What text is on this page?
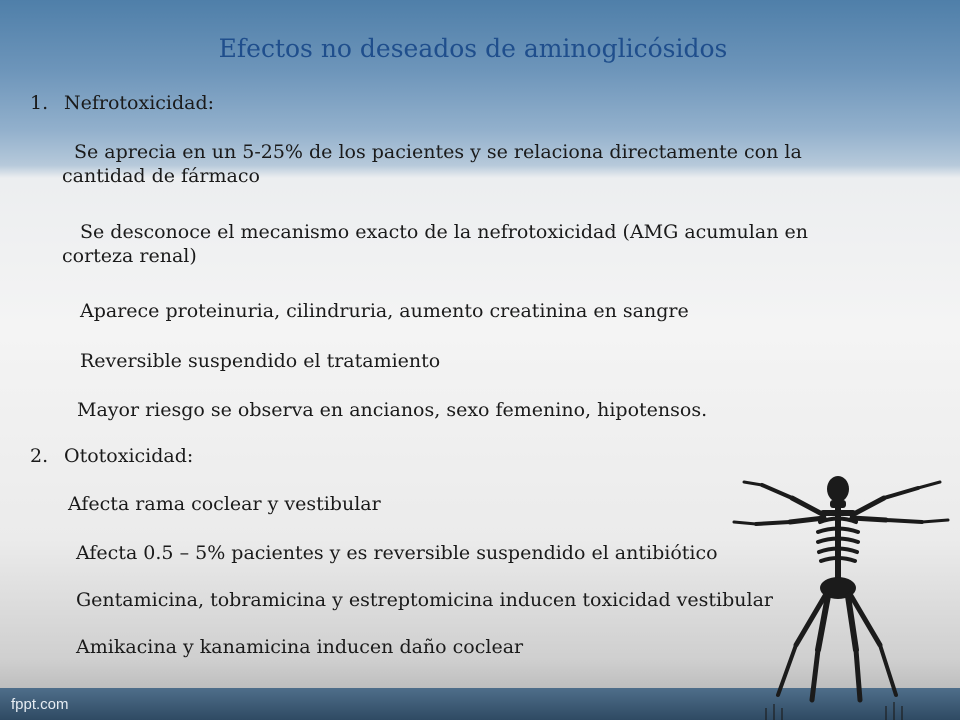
Efectos no deseados de aminoglicósidos
1. Nefrotoxicidad:
Se aprecia en un 5-25% de los pacientes y se relaciona directamente con la cantidad de fármaco
Se desconoce el mecanismo exacto de la nefrotoxicidad (AMG acumulan en corteza renal)
Aparece proteinuria, cilindruria, aumento creatinina en sangre
Reversible suspendido el tratamiento
Mayor riesgo se observa en ancianos, sexo femenino, hipotensos.
2. Ototoxicidad:
Afecta rama coclear y vestibular
Afecta 0.5 – 5% pacientes y es reversible suspendido el antibiótico
Gentamicina, tobramicina y estreptomicina inducen toxicidad vestibular
Amikacina y kanamicina inducen daño coclear
fppt.com
